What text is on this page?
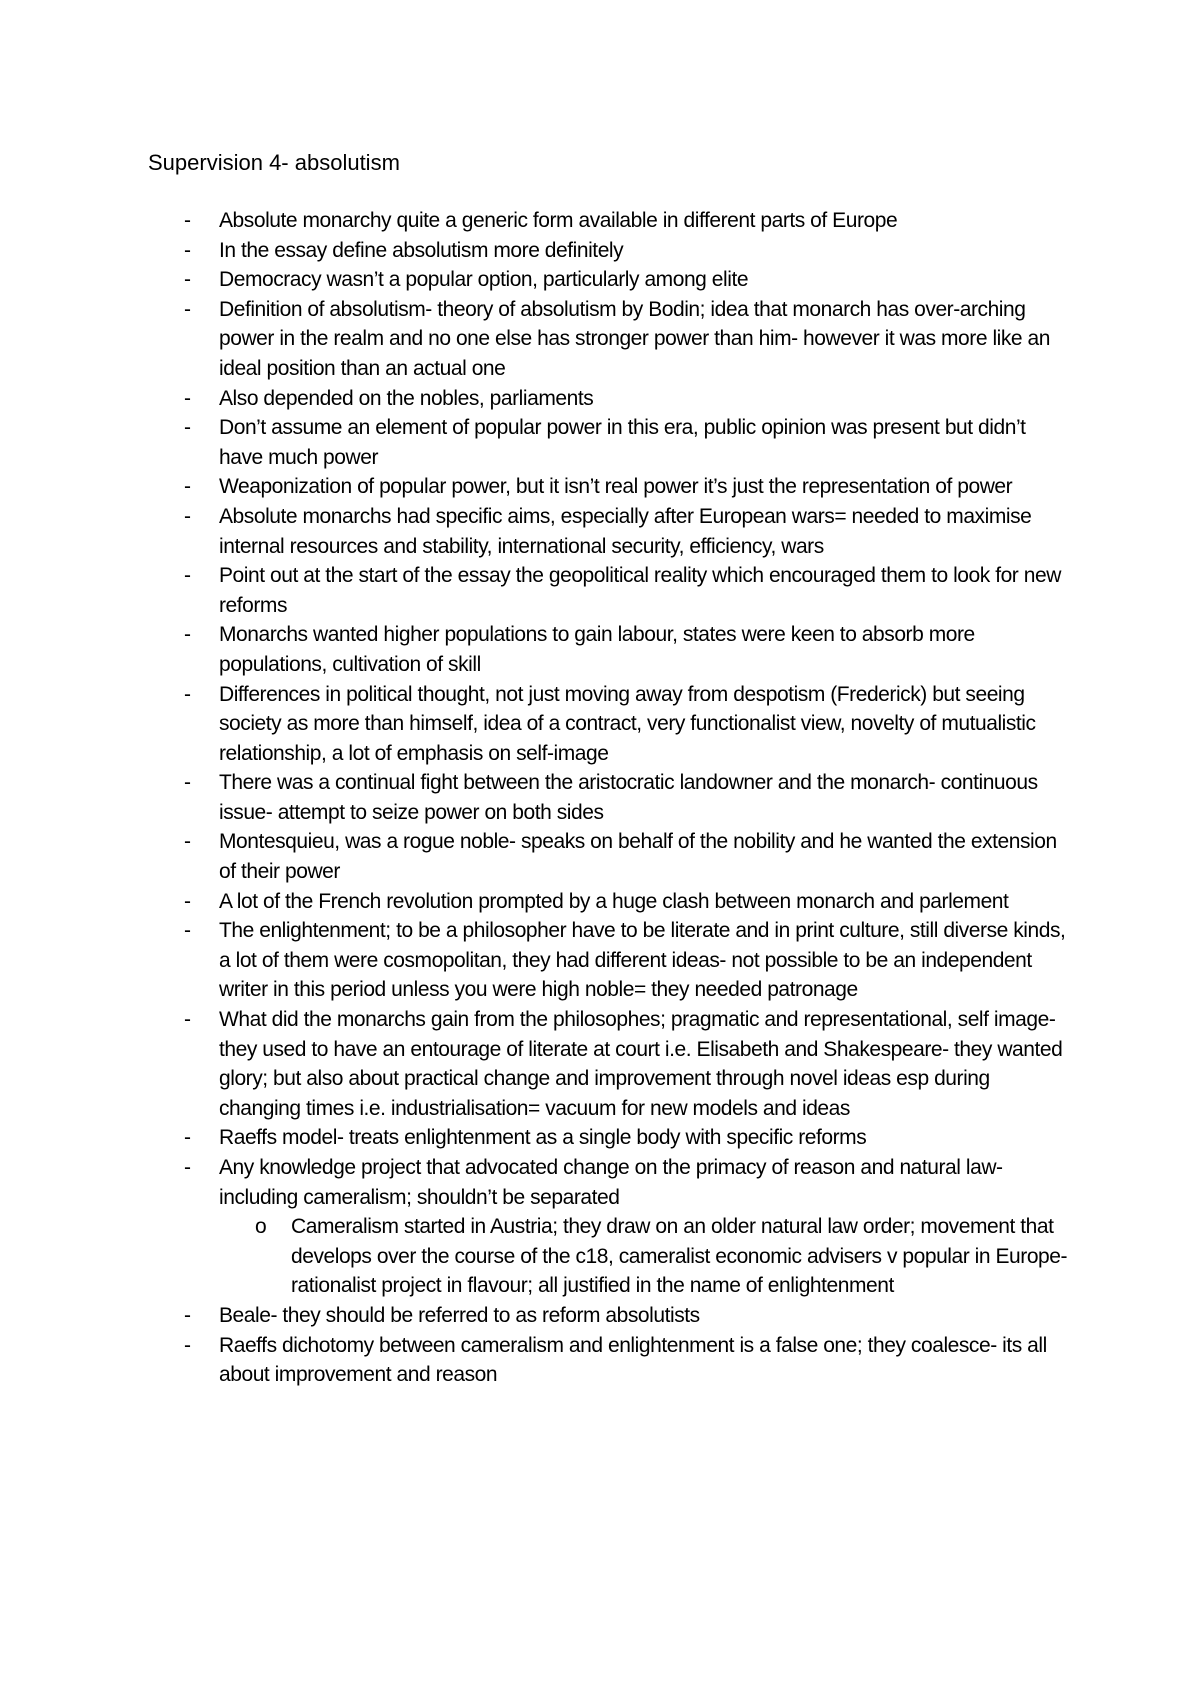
Supervision 4- absolutism
- Absolute monarchy quite a generic form available in different parts of Europe
- In the essay define absolutism more definitely
- Democracy wasn’t a popular option, particularly among elite
- Definition of absolutism- theory of absolutism by Bodin; idea that monarch has over-arching power in the realm and no one else has stronger power than him- however it was more like an ideal position than an actual one
- Also depended on the nobles, parliaments
- Don’t assume an element of popular power in this era, public opinion was present but didn’t have much power
- Weaponization of popular power, but it isn’t real power it’s just the representation of power
- Absolute monarchs had specific aims, especially after European wars= needed to maximise internal resources and stability, international security, efficiency, wars
- Point out at the start of the essay the geopolitical reality which encouraged them to look for new reforms
- Monarchs wanted higher populations to gain labour, states were keen to absorb more populations, cultivation of skill
- Differences in political thought, not just moving away from despotism (Frederick) but seeing society as more than himself, idea of a contract, very functionalist view, novelty of mutualistic relationship, a lot of emphasis on self-image
- There was a continual fight between the aristocratic landowner and the monarch- continuous issue- attempt to seize power on both sides
- Montesquieu, was a rogue noble- speaks on behalf of the nobility and he wanted the extension of their power
- A lot of the French revolution prompted by a huge clash between monarch and parlement
- The enlightenment; to be a philosopher have to be literate and in print culture, still diverse kinds, a lot of them were cosmopolitan, they had different ideas- not possible to be an independent writer in this period unless you were high noble= they needed patronage
- What did the monarchs gain from the philosophes; pragmatic and representational, self image- they used to have an entourage of literate at court i.e. Elisabeth and Shakespeare- they wanted glory; but also about practical change and improvement through novel ideas esp during changing times i.e. industrialisation= vacuum for new models and ideas
- Raeffs model- treats enlightenment as a single body with specific reforms
- Any knowledge project that advocated change on the primacy of reason and natural law- including cameralism; shouldn’t be separated
o Cameralism started in Austria; they draw on an older natural law order; movement that develops over the course of the c18, cameralist economic advisers v popular in Europe- rationalist project in flavour; all justified in the name of enlightenment
- Beale- they should be referred to as reform absolutists
- Raeffs dichotomy between cameralism and enlightenment is a false one; they coalesce- its all about improvement and reason
